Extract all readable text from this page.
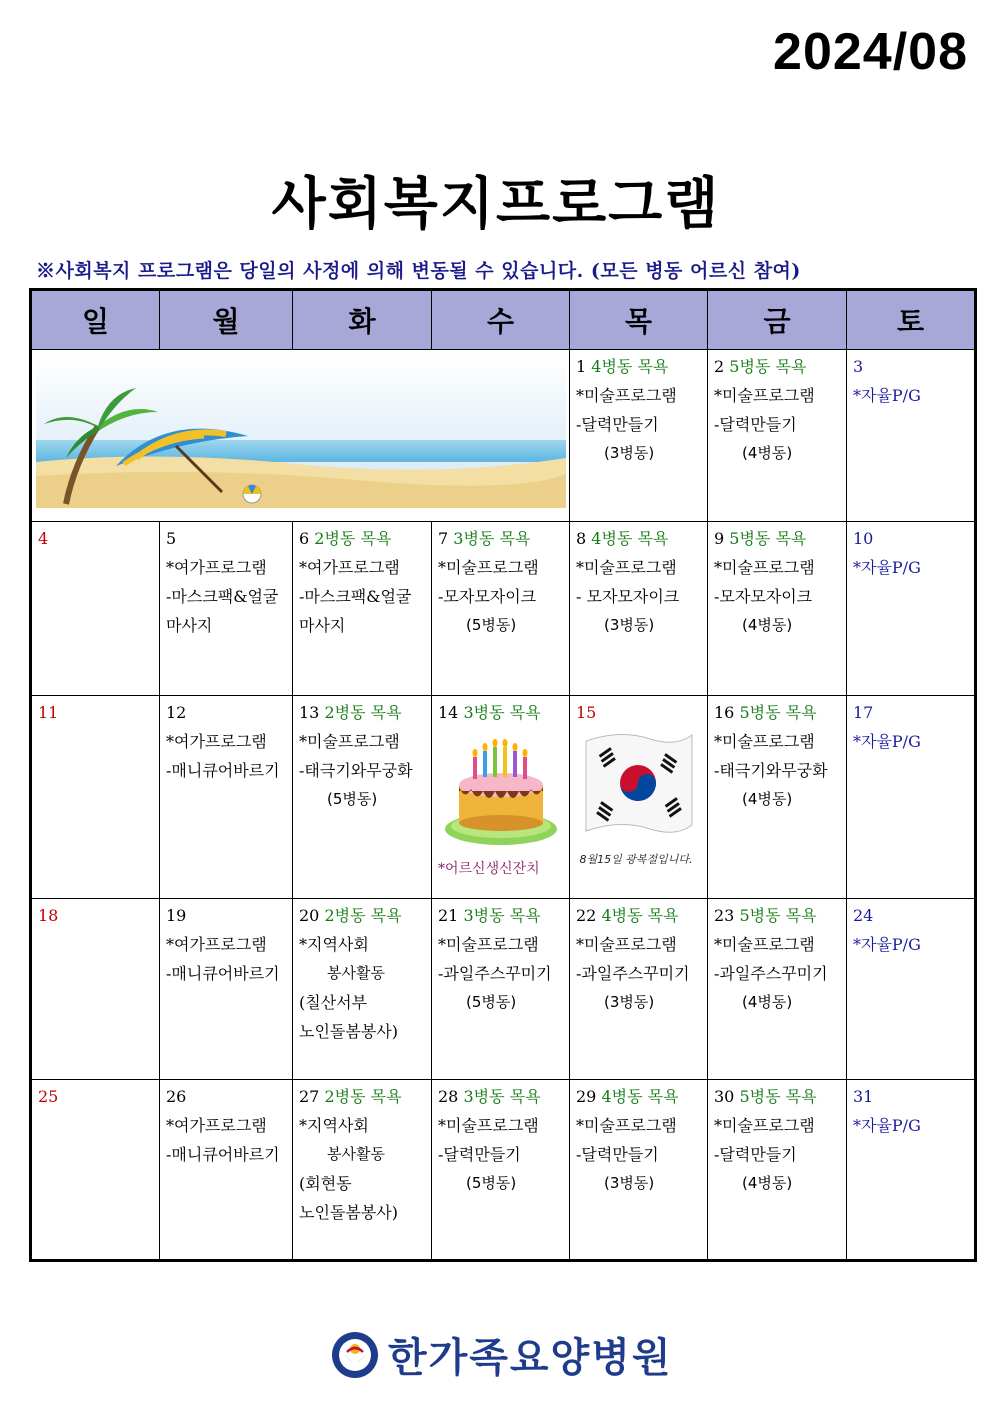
2024/08
사회복지프로그램
※사회복지 프로그램은 당일의 사정에 의해 변동될 수 있습니다. (모든 병동 어르신 참여)
일	월	화	수	목	금	토

1 4병동 목욕
*미술프로그램
-달력만들기
(3병동)	2 5병동 목욕
*미술프로그램
-달력만들기
(4병동)	3
*자율P/G

4	5
*여가프로그램
-마스크팩&얼굴마사지	6 2병동 목욕
*여가프로그램
-마스크팩&얼굴마사지	7 3병동 목욕
*미술프로그램
-모자모자이크
(5병동)	8 4병동 목욕
*미술프로그램
- 모자모자이크
(3병동)	9 5병동 목욕
*미술프로그램
-모자모자이크
(4병동)	10
*자율P/G

11	12
*여가프로그램
-매니큐어바르기	13 2병동 목욕
*미술프로그램
-태극기와무궁화
(5병동)	14 3병동 목욕
*어르신생신잔치	15
8월15일 광복절입니다.	16 5병동 목욕
*미술프로그램
-태극기와무궁화
(4병동)	17
*자율P/G

18	19
*여가프로그램
-매니큐어바르기	20 2병동 목욕
*지역사회
봉사활동
(칠산서부
노인돌봄봉사)	21 3병동 목욕
*미술프로그램
-과일주스꾸미기
(5병동)	22 4병동 목욕
*미술프로그램
-과일주스꾸미기
(3병동)	23 5병동 목욕
*미술프로그램
-과일주스꾸미기
(4병동)	24
*자율P/G

25	26
*여가프로그램
-매니큐어바르기	27 2병동 목욕
*지역사회
봉사활동
(회현동
노인돌봄봉사)	28 3병동 목욕
*미술프로그램
-달력만들기
(5병동)	29 4병동 목욕
*미술프로그램
-달력만들기
(3병동)	30 5병동 목욕
*미술프로그램
-달력만들기
(4병동)	31
*자율P/G
한가족요양병원
